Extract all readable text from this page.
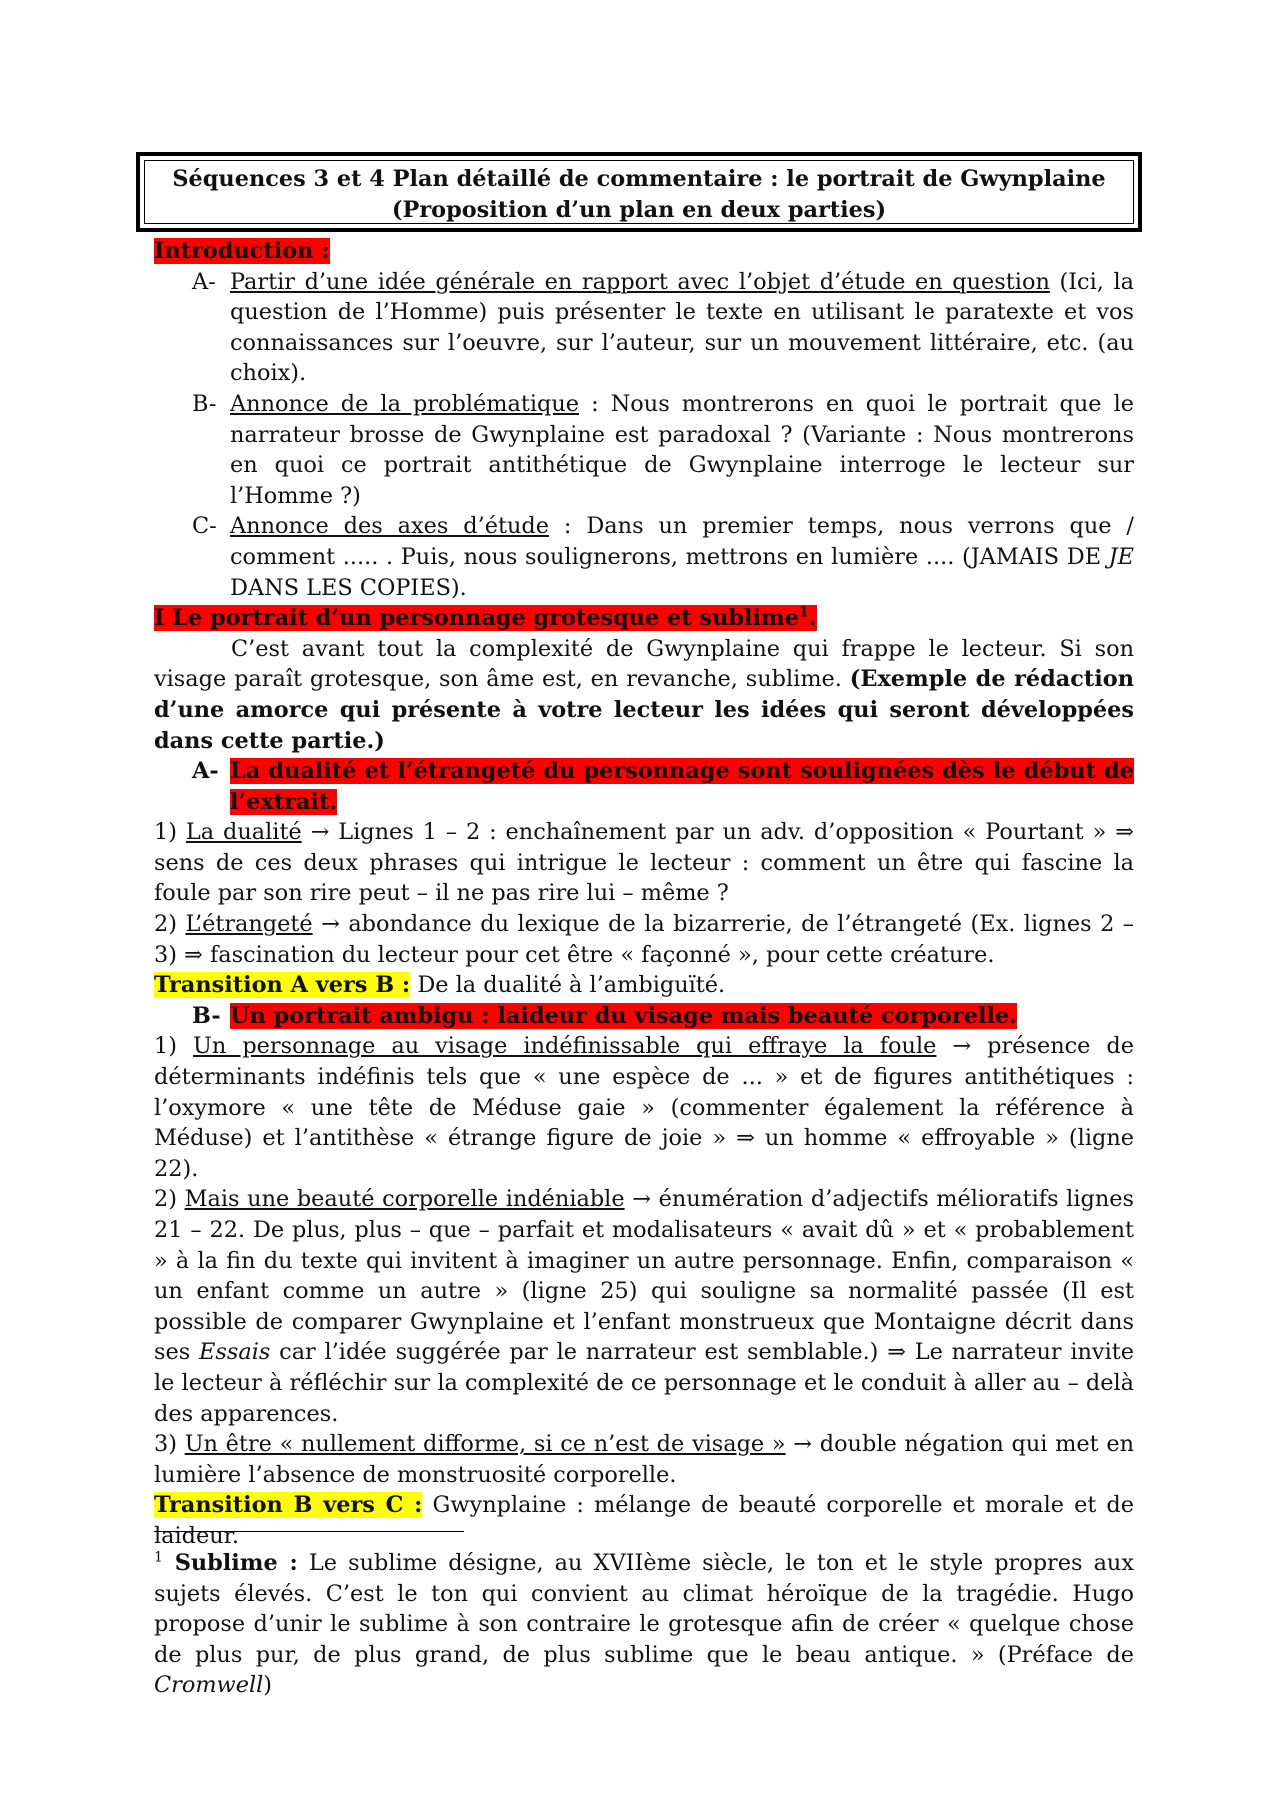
Séquences 3 et 4 Plan détaillé de commentaire : le portrait de Gwynplaine
(Proposition d’un plan en deux parties)

Introduction :

A- Partir d’une idée générale en rapport avec l’objet d’étude en question (Ici, la question de l’Homme) puis présenter le texte en utilisant le paratexte et vos connaissances sur l’oeuvre, sur l’auteur, sur un mouvement littéraire, etc. (au choix).
B- Annonce de la problématique : Nous montrerons en quoi le portrait que le narrateur brosse de Gwynplaine est paradoxal ? (Variante : Nous montrerons en quoi ce portrait antithétique de Gwynplaine interroge le lecteur sur l’Homme ?)
C- Annonce des axes d’étude : Dans un premier temps, nous verrons que / comment ..... . Puis, nous soulignerons, mettrons en lumière .... (JAMAIS DE JE DANS LES COPIES).

I Le portrait d’un personnage grotesque et sublime$^1$.

C’est avant tout la complexité de Gwynplaine qui frappe le lecteur. Si son visage paraît grotesque, son âme est, en revanche, sublime. (Exemple de rédaction d’une amorce qui présente à votre lecteur les idées qui seront développées dans cette partie.)

A- La dualité et l’étrangeté du personnage sont soulignées dès le début de l’extrait.

1) La dualité → Lignes 1 – 2 : enchaînement par un adv. d’opposition « Pourtant » ⇒ sens de ces deux phrases qui intrigue le lecteur : comment un être qui fascine la foule par son rire peut – il ne pas rire lui – même ?

2) L’étrangeté → abondance du lexique de la bizarrerie, de l’étrangeté (Ex. lignes 2 – 3) ⇒ fascination du lecteur pour cet être « façonné », pour cette créature.

Transition A vers B : De la dualité à l’ambiguïté.

B- Un portrait ambigu : laideur du visage mais beauté corporelle.

1) Un personnage au visage indéfinissable qui effraye la foule → présence de déterminants indéfinis tels que « une espèce de ... » et de figures antithétiques : l’oxymore « une tête de Méduse gaie » (commenter également la référence à Méduse) et l’antithèse « étrange figure de joie » ⇒ un homme « effroyable » (ligne 22).

2) Mais une beauté corporelle indéniable → énumération d’adjectifs mélioratifs lignes 21 – 22. De plus, plus – que – parfait et modalisateurs « avait dû » et « probablement » à la fin du texte qui invitent à imaginer un autre personnage. Enfin, comparaison « un enfant comme un autre » (ligne 25) qui souligne sa normalité passée (Il est possible de comparer Gwynplaine et l’enfant monstrueux que Montaigne décrit dans ses Essais car l’idée suggérée par le narrateur est semblable.) ⇒ Le narrateur invite le lecteur à réfléchir sur la complexité de ce personnage et le conduit à aller au – delà des apparences.

3) Un être « nullement difforme, si ce n’est de visage » → double négation qui met en lumière l’absence de monstruosité corporelle.

Transition B vers C : Gwynplaine : mélange de beauté corporelle et morale et de laideur.

$^1$ Sublime : Le sublime désigne, au XVIIème siècle, le ton et le style propres aux sujets élevés. C’est le ton qui convient au climat héroïque de la tragédie. Hugo propose d’unir le sublime à son contraire le grotesque afin de créer « quelque chose de plus pur, de plus grand, de plus sublime que le beau antique. » (Préface de Cromwell)
